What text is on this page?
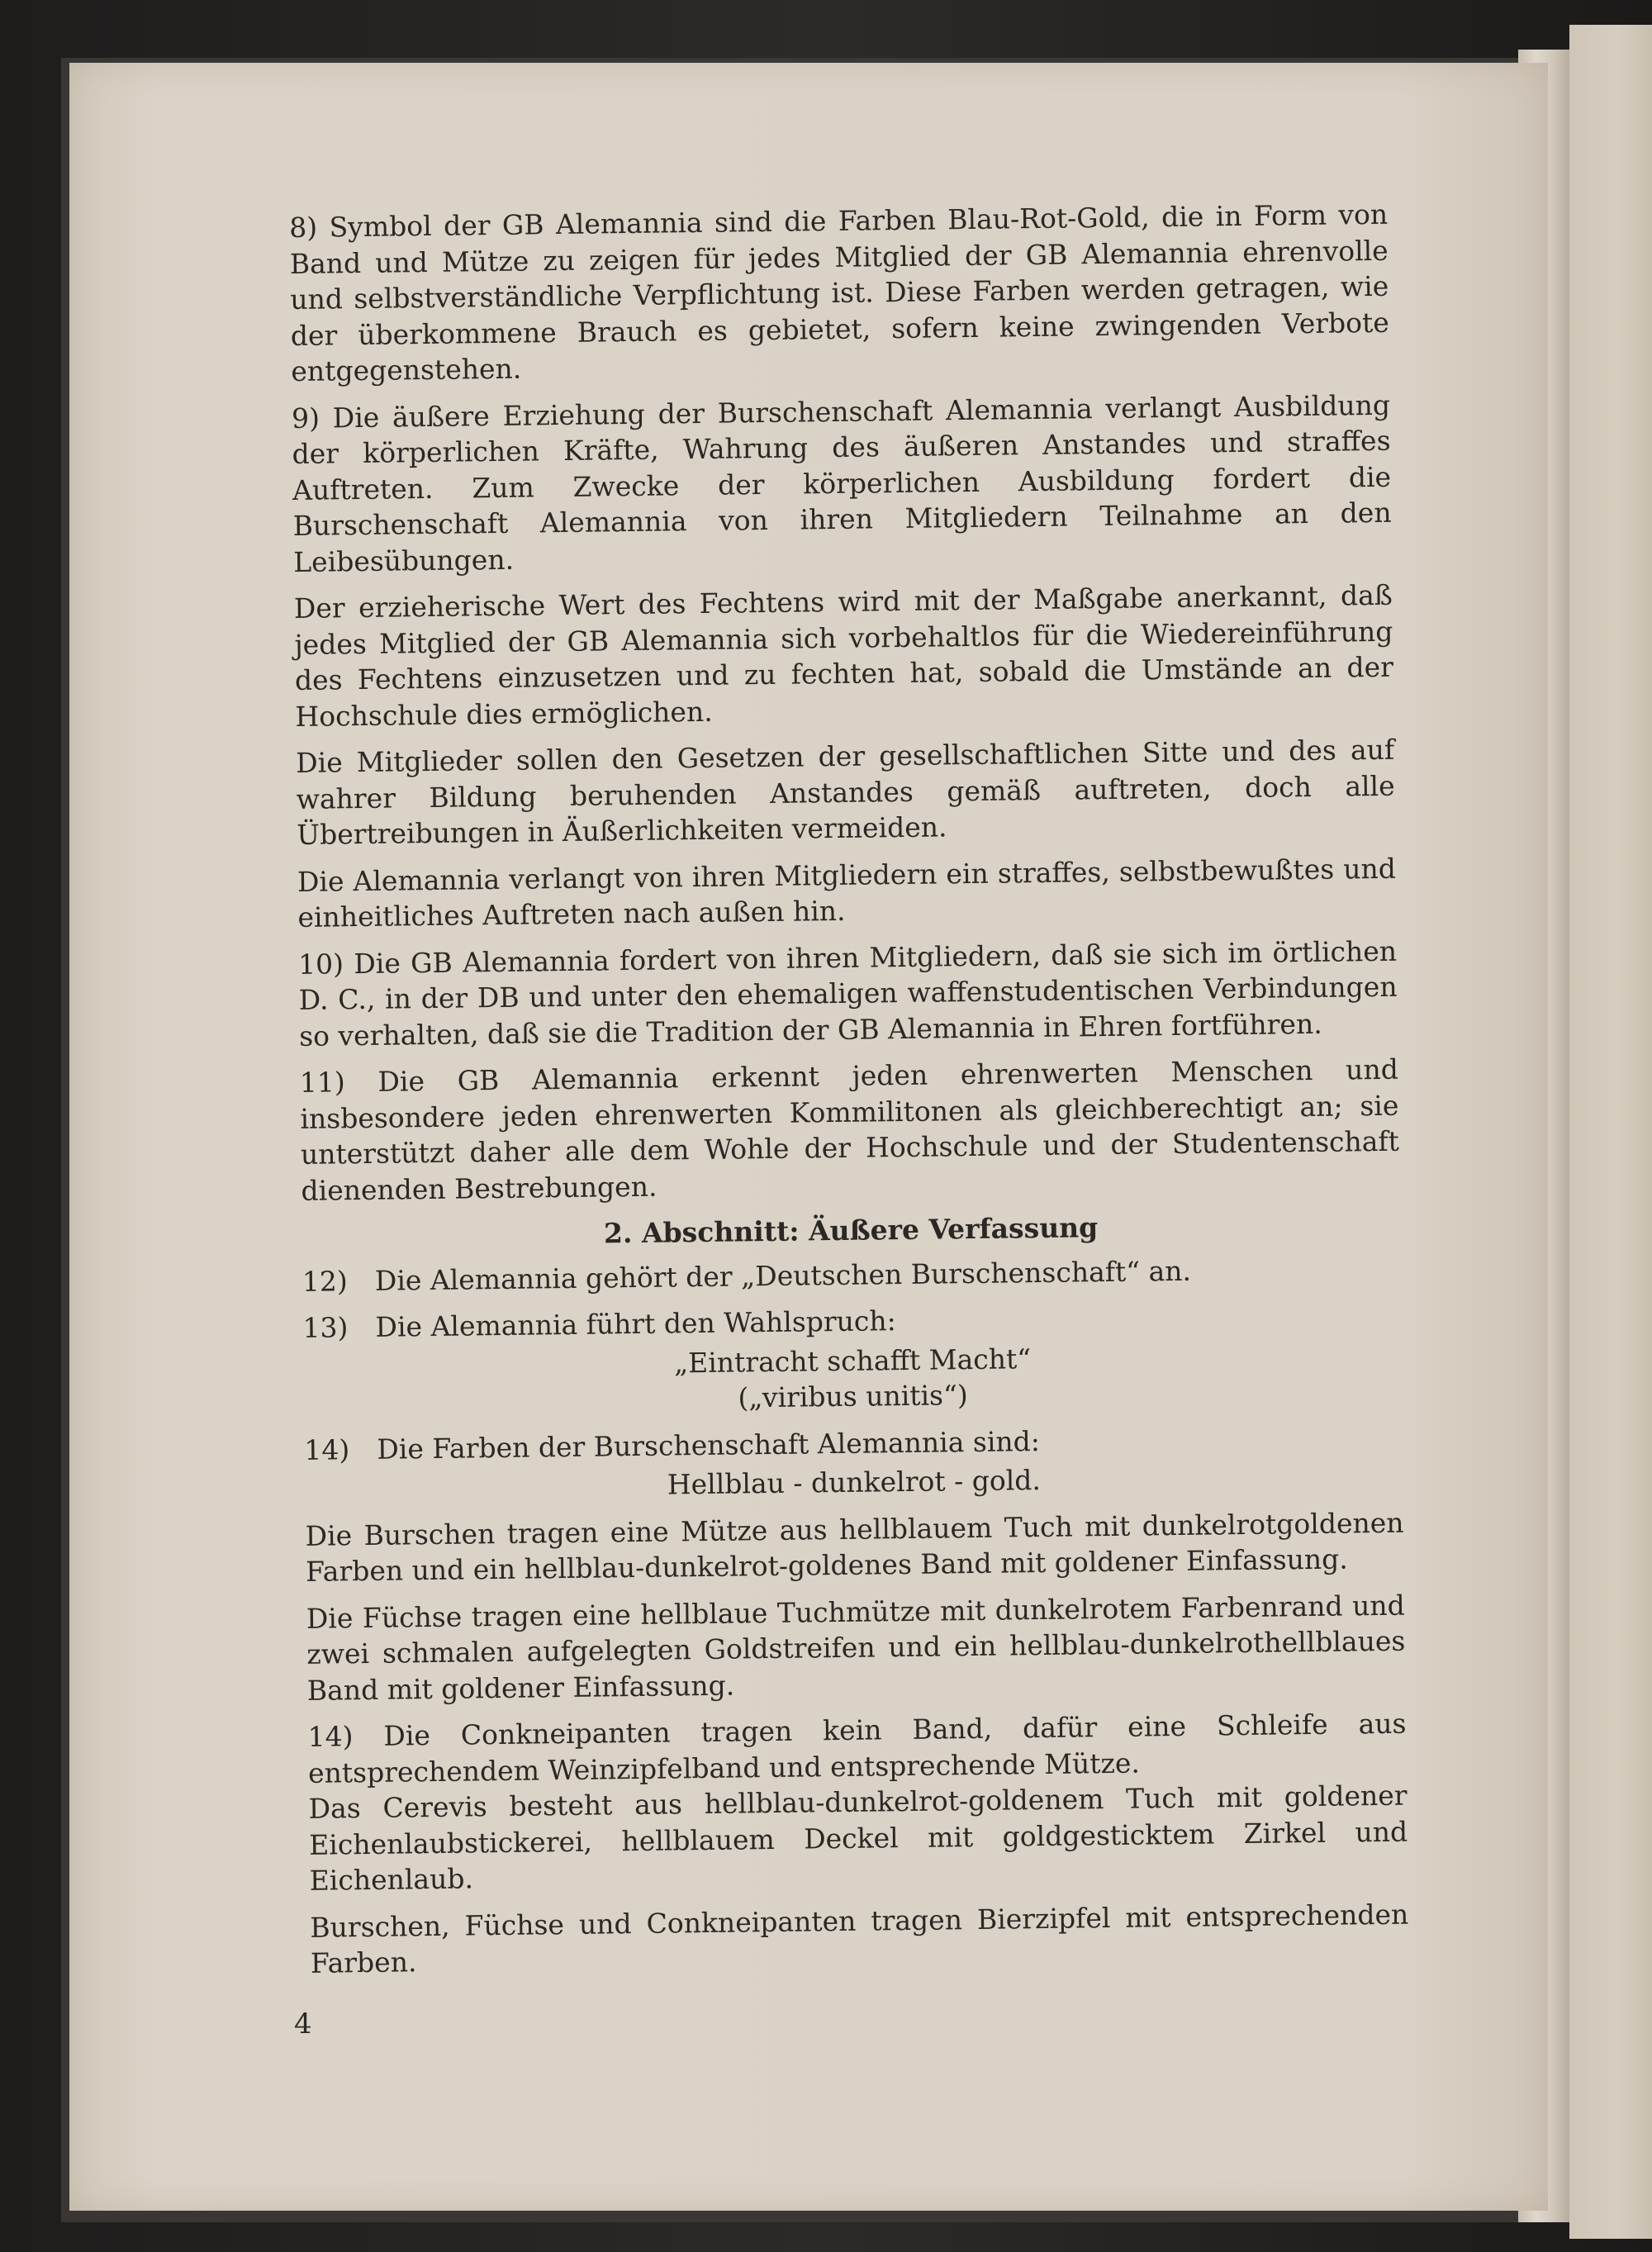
8) Symbol der GB Alemannia sind die Farben Blau-Rot-Gold, die in Form von Band und Mütze zu zeigen für jedes Mitglied der GB Alemannia ehrenvolle und selbstverständliche Verpflichtung ist. Diese Farben werden getragen, wie der überkommene Brauch es gebietet, sofern keine zwingenden Verbote entgegenstehen.

9) Die äußere Erziehung der Burschenschaft Alemannia verlangt Ausbildung der körperlichen Kräfte, Wahrung des äußeren Anstandes und straffes Auftreten. Zum Zwecke der körperlichen Ausbildung fordert die Burschenschaft Alemannia von ihren Mitgliedern Teilnahme an den Leibesübungen.

Der erzieherische Wert des Fechtens wird mit der Maßgabe anerkannt, daß jedes Mitglied der GB Alemannia sich vorbehaltlos für die Wiedereinführung des Fechtens einzusetzen und zu fechten hat, sobald die Umstände an der Hochschule dies ermöglichen.

Die Mitglieder sollen den Gesetzen der gesellschaftlichen Sitte und des auf wahrer Bildung beruhenden Anstandes gemäß auftreten, doch alle Übertreibungen in Äußerlichkeiten vermeiden.

Die Alemannia verlangt von ihren Mitgliedern ein straffes, selbstbewußtes und einheitliches Auftreten nach außen hin.

10) Die GB Alemannia fordert von ihren Mitgliedern, daß sie sich im örtlichen D. C., in der DB und unter den ehemaligen waffenstudentischen Verbindungen so verhalten, daß sie die Tradition der GB Alemannia in Ehren fortführen.

11) Die GB Alemannia erkennt jeden ehrenwerten Menschen und insbesondere jeden ehrenwerten Kommilitonen als gleichberechtigt an; sie unterstützt daher alle dem Wohle der Hochschule und der Studentenschaft dienenden Bestrebungen.

2. Abschnitt: Äußere Verfassung
12) Die Alemannia gehört der „Deutschen Burschenschaft“ an.
13) Die Alemannia führt den Wahlspruch:

„Eintracht schafft Macht“

(„viribus unitis“)

14) Die Farben der Burschenschaft Alemannia sind:

Hellblau - dunkelrot - gold.

Die Burschen tragen eine Mütze aus hellblauem Tuch mit dunkelrotgoldenen Farben und ein hellblau-dunkelrot-goldenes Band mit goldener Einfassung.

Die Füchse tragen eine hellblaue Tuchmütze mit dunkelrotem Farbenrand und zwei schmalen aufgelegten Goldstreifen und ein hellblau-dunkelrothellblaues Band mit goldener Einfassung.

14) Die Conkneipanten tragen kein Band, dafür eine Schleife aus entsprechendem Weinzipfelband und entsprechende Mütze.

Das Cerevis besteht aus hellblau-dunkelrot-goldenem Tuch mit goldener Eichenlaubstickerei, hellblauem Deckel mit goldgesticktem Zirkel und Eichenlaub.

Burschen, Füchse und Conkneipanten tragen Bierzipfel mit entsprechenden Farben.

4
